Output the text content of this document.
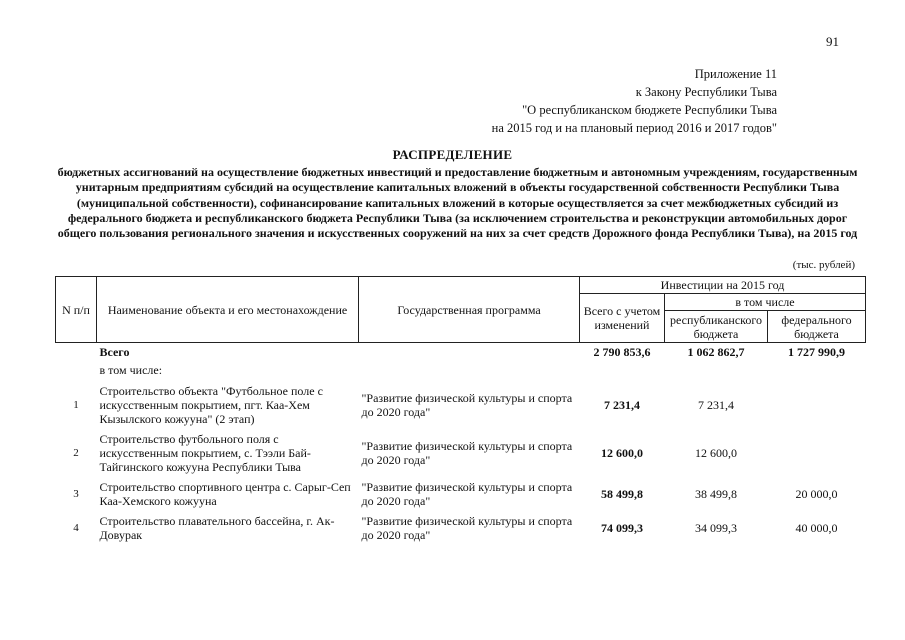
91
Приложение 11
к Закону Республики Тыва
"О республиканском бюджете Республики Тыва
на 2015 год и на плановый период 2016 и 2017 годов"
РАСПРЕДЕЛЕНИЕ
бюджетных ассигнований на осуществление бюджетных инвестиций и предоставление бюджетным и автономным учреждениям, государственным унитарным предприятиям субсидий на осуществление капитальных вложений в объекты государственной собственности Республики Тыва (муниципальной собственности), софинансирование капитальных вложений в которые осуществляется за счет межбюджетных субсидий из федерального бюджета и республиканского бюджета Республики Тыва (за исключением строительства и реконструкции автомобильных дорог общего пользования регионального значения и искусственных сооружений на них за счет средств Дорожного фонда Республики Тыва), на 2015 год
(тыс. рублей)
N п/п	Наименование объекта и его местонахождение	Государственная программа	Инвестиции на 2015 год		
			Всего с учетом изменений	в том числе	
				республиканского бюджета	федерального бюджета
	Всего		2 790 853,6	1 062 862,7	1 727 990,9
	в том числе:				
1	Строительство объекта "Футбольное поле с искусственным покрытием, пгт. Каа-Хем Кызылского кожууна" (2 этап)	"Развитие физической культуры и спорта до 2020 года"	7 231,4	7 231,4	
2	Строительство футбольного поля с искусственным покрытием, с. Тээли Бай-Тайгинского кожууна Республики Тыва	"Развитие физической культуры и спорта до 2020 года"	12 600,0	12 600,0	
3	Строительство спортивного центра с. Сарыг-Сеп Каа-Хемского кожууна	"Развитие физической культуры и спорта до 2020 года"	58 499,8	38 499,8	20 000,0
4	Строительство плавательного бассейна, г. Ак-Довурак	"Развитие физической культуры и спорта до 2020 года"	74 099,3	34 099,3	40 000,0
